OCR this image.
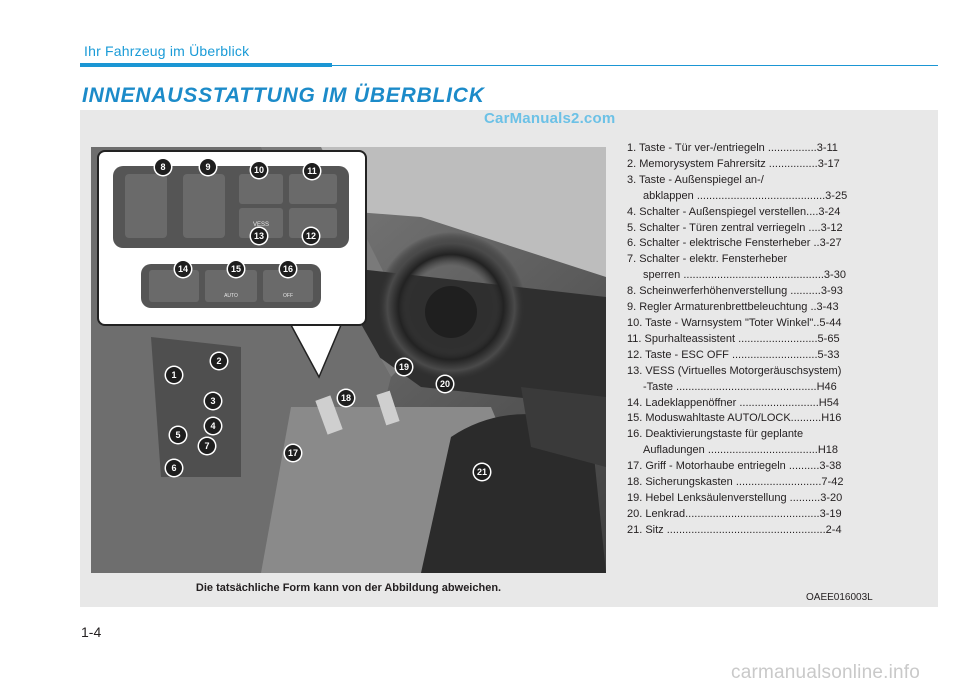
Ihr Fahrzeug im Überblick
INNENAUSSTATTUNG IM ÜBERBLICK
CarManuals2.com
VESS
AUTO	OFF
1
2
3
4
5
6
7
8	9	10	11
12
13
14	15	16
17
18
19
20
21
Die tatsächliche Form kann von der Abbildung abweichen.
OAEE016003L
1. Taste - Tür ver-/entriegeln ................3-11
2. Memorysystem Fahrersitz ................3-17
3. Taste - Außenspiegel an-/
abklappen ..........................................3-25
4. Schalter - Außenspiegel verstellen....3-24
5. Schalter - Türen zentral verriegeln ....3-12
6. Schalter - elektrische Fensterheber ..3-27
7. Schalter - elektr. Fensterheber
sperren ..............................................3-30
8. Scheinwerferhöhenverstellung ..........3-93
9. Regler Armaturenbrettbeleuchtung ..3-43
10. Taste - Warnsystem "Toter Winkel"..5-44
11. Spurhalteassistent ..........................5-65
12. Taste - ESC OFF ............................5-33
13. VESS (Virtuelles Motorgeräuschsystem)
-Taste ..............................................H46
14. Ladeklappenöffner ..........................H54
15. Moduswahltaste AUTO/LOCK..........H16
16. Deaktivierungstaste für geplante
Aufladungen ....................................H18
17. Griff - Motorhaube entriegeln ..........3-38
18. Sicherungskasten ............................7-42
19. Hebel Lenksäulenverstellung ..........3-20
20. Lenkrad............................................3-19
21. Sitz ....................................................2-4
1-4
carmanualsonline.info
